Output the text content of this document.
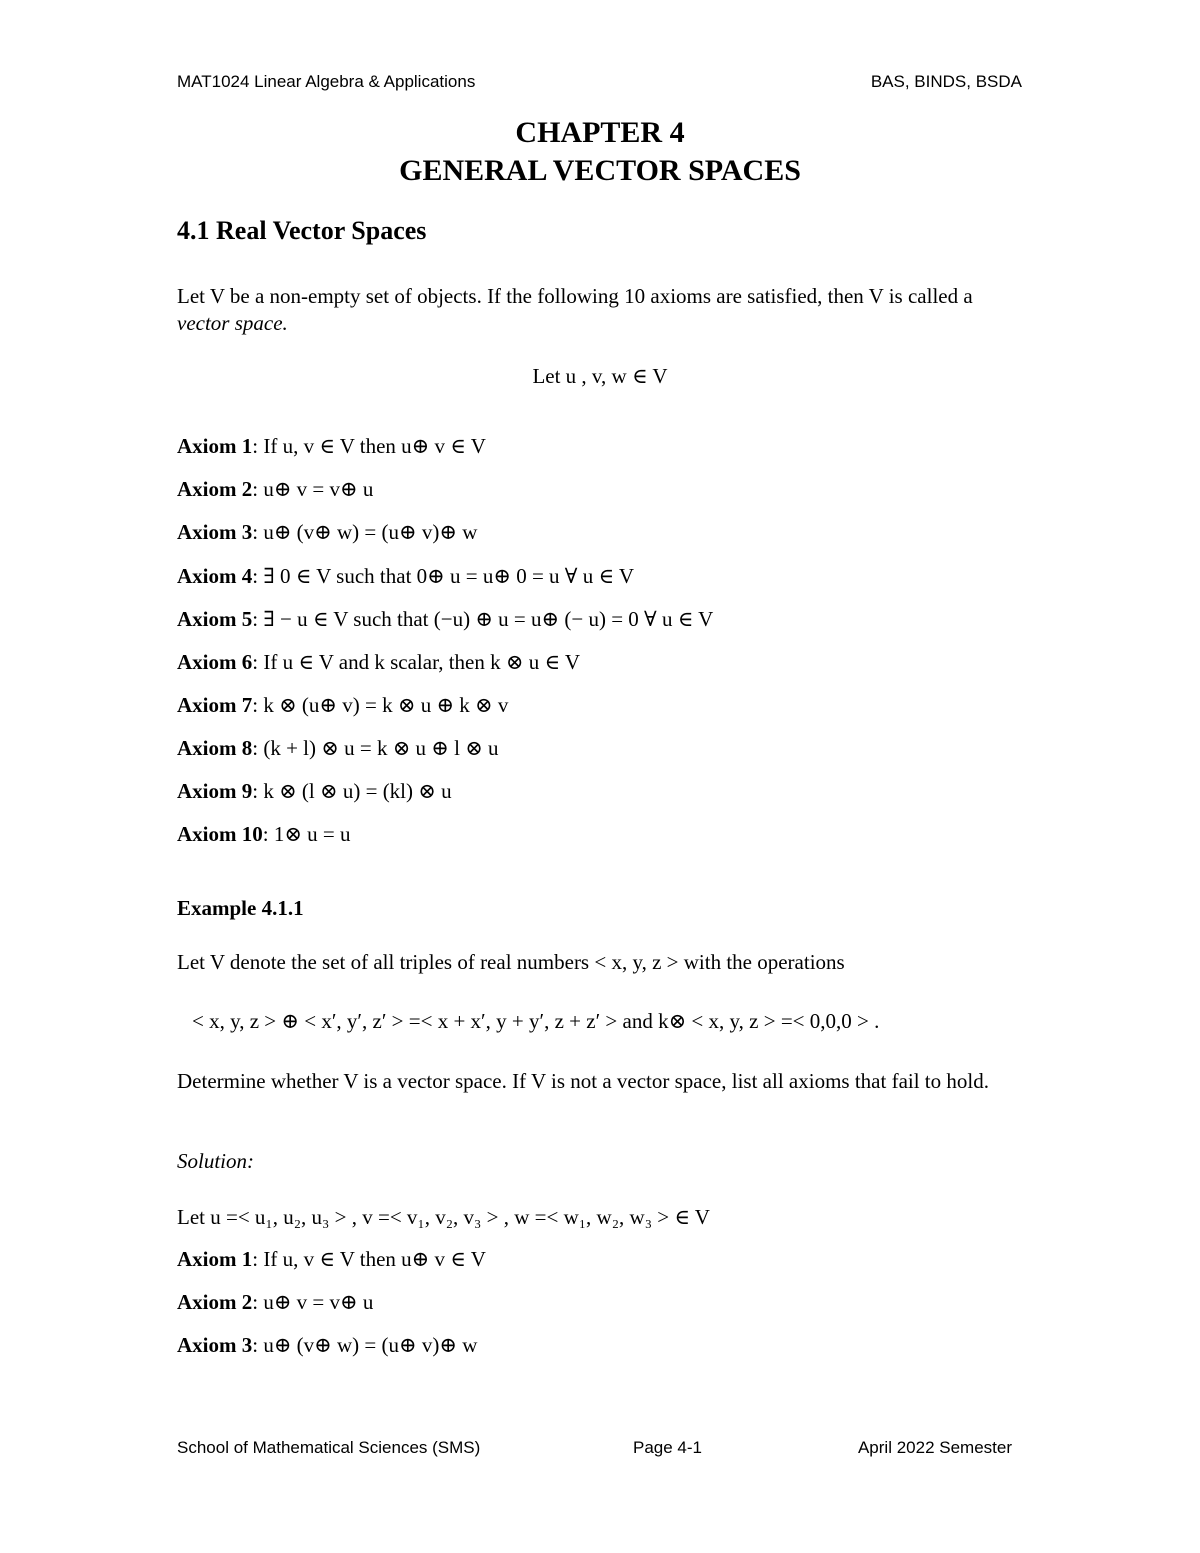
MAT1024 Linear Algebra & Applications	BAS, BINDS, BSDA
CHAPTER 4
GENERAL VECTOR SPACES
4.1 Real Vector Spaces
Let V be a non-empty set of objects. If the following 10 axioms are satisfied, then V is called a vector space.
Let u , v, w ∈ V
Axiom 1: If u, v ∈ V then u⊕ v ∈ V
Axiom 2: u⊕ v = v⊕ u
Axiom 3: u⊕ (v⊕ w) = (u⊕ v)⊕ w
Axiom 4: ∃ 0 ∈ V such that 0⊕ u = u⊕ 0 = u ∀ u ∈ V
Axiom 5: ∃ − u ∈ V such that (−u) ⊕ u = u⊕ (− u) = 0 ∀ u ∈ V
Axiom 6: If u ∈ V and k scalar, then k ⊗ u ∈ V
Axiom 7: k ⊗ (u⊕ v) = k ⊗ u ⊕ k ⊗ v
Axiom 8: (k + l) ⊗ u = k ⊗ u ⊕ l ⊗ u
Axiom 9: k ⊗ (l ⊗ u) = (kl) ⊗ u
Axiom 10: 1⊗ u = u
Example 4.1.1
Let V denote the set of all triples of real numbers < x, y, z > with the operations
< x, y, z > ⊕ < x′, y′, z′ > =< x + x′, y + y′, z + z′ > and k⊗ < x, y, z > =< 0,0,0 > .
Determine whether V is a vector space. If V is not a vector space, list all axioms that fail to hold.
Solution:
Let u =< u₁, u₂, u₃ > , v =< v₁, v₂, v₃ > , w =< w₁, w₂, w₃ > ∈ V
Axiom 1: If u, v ∈ V then u⊕ v ∈ V
Axiom 2: u⊕ v = v⊕ u
Axiom 3: u⊕ (v⊕ w) = (u⊕ v)⊕ w
School of Mathematical Sciences (SMS)	Page 4-1	April 2022 Semester
